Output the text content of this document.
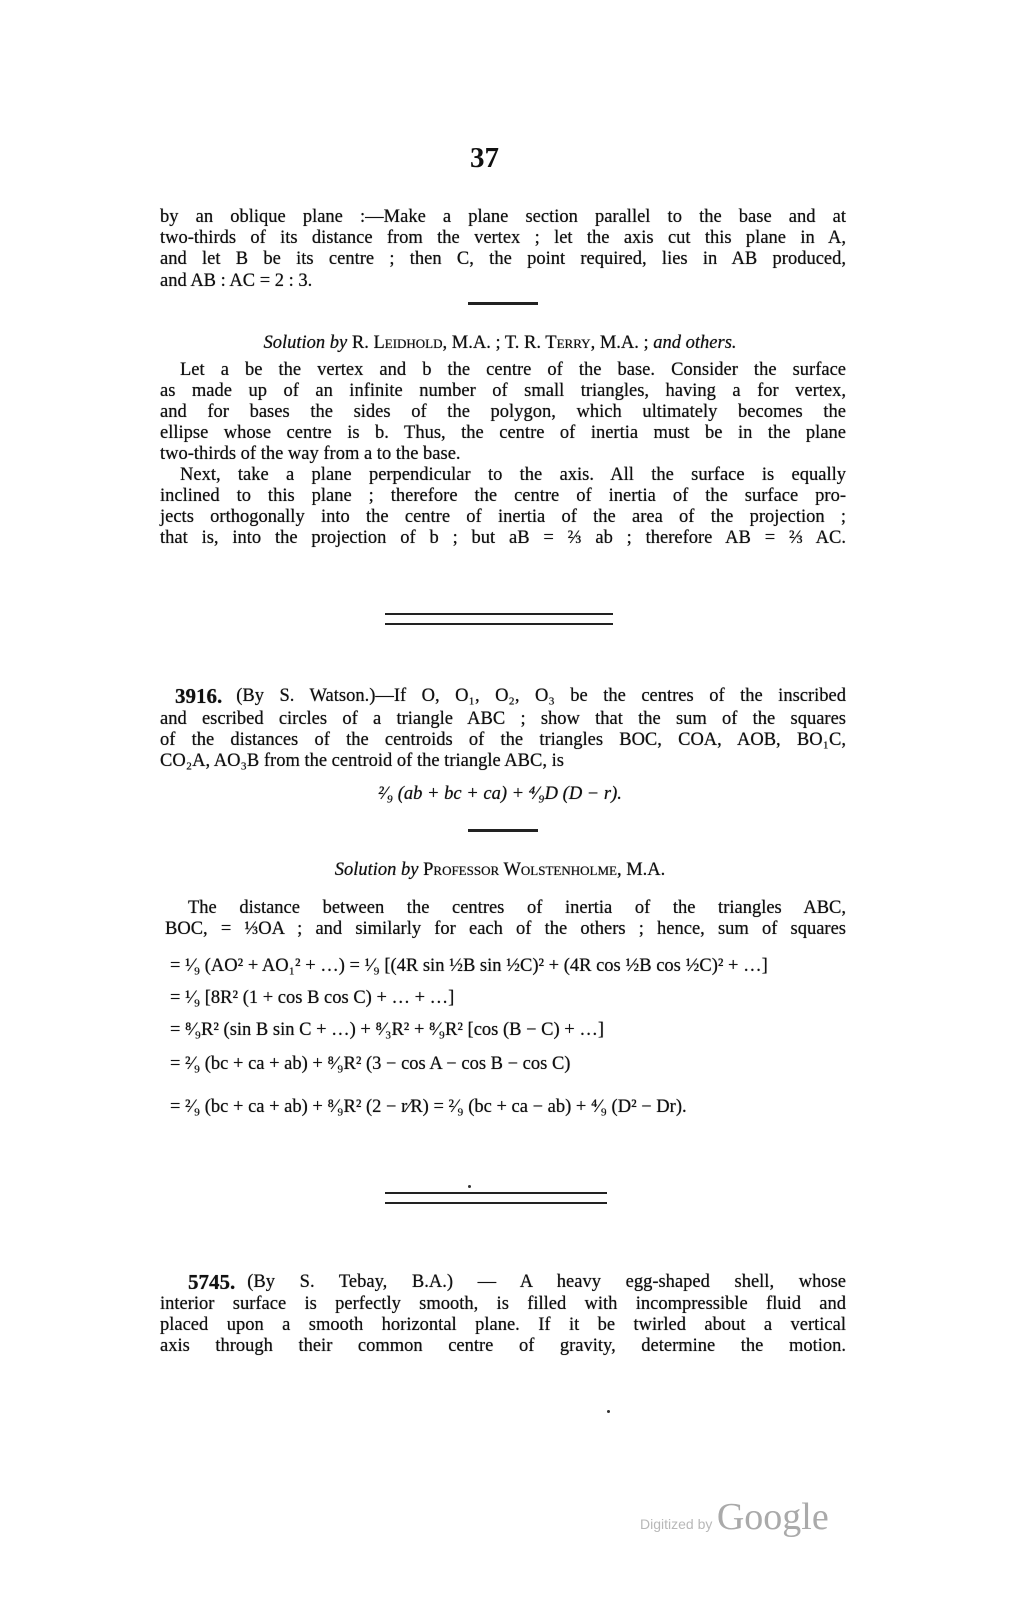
37
by an oblique plane :—Make a plane section parallel to the base and at
two-thirds of its distance from the vertex ; let the axis cut this plane in A,
and let B be its centre ; then C, the point required, lies in AB produced,
and AB : AC = 2 : 3.
Solution by R. Leidhold, M.A. ; T. R. Terry, M.A. ; and others.
Let a be the vertex and b the centre of the base. Consider the surface
as made up of an infinite number of small triangles, having a for vertex,
and for bases the sides of the polygon, which ultimately becomes the
ellipse whose centre is b. Thus, the centre of inertia must be in the plane
two-thirds of the way from a to the base.
Next, take a plane perpendicular to the axis. All the surface is equally
inclined to this plane ; therefore the centre of inertia of the surface pro-
jects orthogonally into the centre of inertia of the area of the projection ;
that is, into the projection of b ; but aB = ⅔ ab ; therefore AB = ⅔ AC.
3916. (By S. Watson.)—If O, O₁, O₂, O₃ be the centres of the inscribed
and escribed circles of a triangle ABC ; show that the sum of the squares
of the distances of the centroids of the triangles BOC, COA, AOB, BO₁C,
CO₂A, AO₃B from the centroid of the triangle ABC, is
²⁄₉ (ab + bc + ca) + ⁴⁄₉D (D − r).
Solution by Professor Wolstenholme, M.A.
The distance between the centres of inertia of the triangles ABC,
BOC, = ⅓OA ; and similarly for each of the others ; hence, sum of squares
= ¹⁄₉ (AO² + AO₁² + …) = ¹⁄₉ [(4R sin ½B sin ½C)² + (4R cos ½B cos ½C)² + …]
= ¹⁄₉ [8R² (1 + cos B cos C) + … + …]
= ⁸⁄₉R² (sin B sin C + …) + ⁸⁄₃R² + ⁸⁄₉R² [cos (B − C) + …]
= ²⁄₉ (bc + ca + ab) + ⁸⁄₉R² (3 − cos A − cos B − cos C)
= ²⁄₉ (bc + ca + ab) + ⁸⁄₉R² (2 − r⁄R) = ²⁄₉ (bc + ca − ab) + ⁴⁄₉ (D² − Dr).
5745. (By S. Tebay, B.A.) — A heavy egg-shaped shell, whose
interior surface is perfectly smooth, is filled with incompressible fluid and
placed upon a smooth horizontal plane. If it be twirled about a vertical
axis through their common centre of gravity, determine the motion.
Digitized by Google
